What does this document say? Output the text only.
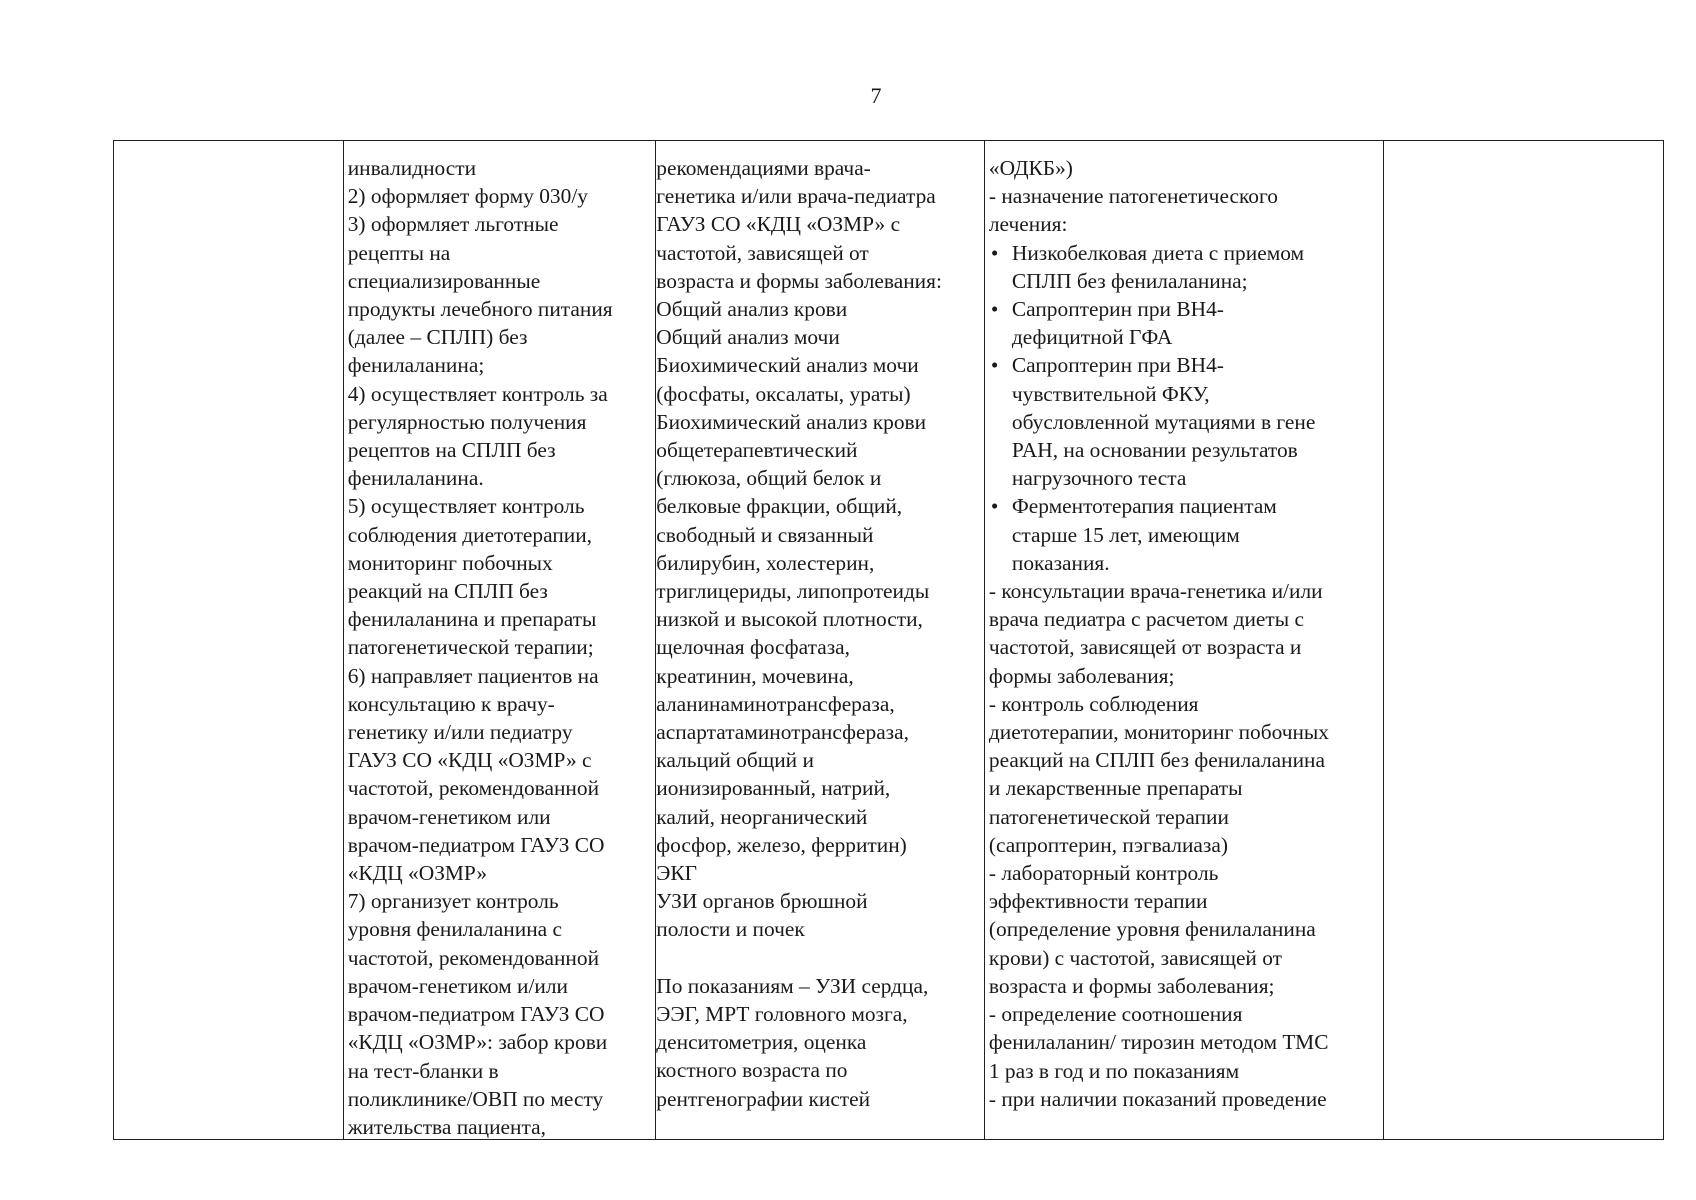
7
инвалидности
2) оформляет форму 030/у
3) оформляет льготные
рецепты на
специализированные
продукты лечебного питания
(далее – СПЛП) без
фенилаланина;
4) осуществляет контроль за
регулярностью получения
рецептов на СПЛП без
фенилаланина.
5) осуществляет контроль
соблюдения диетотерапии,
мониторинг побочных
реакций на СПЛП без
фенилаланина и препараты
патогенетической терапии;
6) направляет пациентов на
консультацию к врачу-
генетику и/или педиатру
ГАУЗ СО «КДЦ «ОЗМР» с
частотой, рекомендованной
врачом-генетиком или
врачом-педиатром ГАУЗ СО
«КДЦ «ОЗМР»
7) организует контроль
уровня фенилаланина с
частотой, рекомендованной
врачом-генетиком и/или
врачом-педиатром ГАУЗ СО
«КДЦ «ОЗМР»: забор крови
на тест-бланки в
поликлинике/ОВП по месту
жительства пациента,
рекомендациями врача-
генетика и/или врача-педиатра
ГАУЗ СО «КДЦ «ОЗМР» с
частотой, зависящей от
возраста и формы заболевания:
Общий анализ крови
Общий анализ мочи
Биохимический анализ мочи
(фосфаты, оксалаты, ураты)
Биохимический анализ крови
общетерапевтический
(глюкоза, общий белок и
белковые фракции, общий,
свободный и связанный
билирубин, холестерин,
триглицериды, липопротеиды
низкой и высокой плотности,
щелочная фосфатаза,
креатинин, мочевина,
аланинаминотрансфераза,
аспартатаминотрансфераза,
кальций общий и
ионизированный, натрий,
калий, неорганический
фосфор, железо, ферритин)
ЭКГ
УЗИ органов брюшной
полости и почек
По показаниям – УЗИ сердца,
ЭЭГ, МРТ головного мозга,
денситометрия, оценка
костного возраста по
рентгенографии кистей
«ОДКБ»)
- назначение патогенетического
лечения:
• Низкобелковая диета с приемом
СПЛП без фенилаланина;
• Сапроптерин при ВН4-
дефицитной ГФА
• Сапроптерин при ВН4-
чувствительной ФКУ,
обусловленной мутациями в гене
PAH, на основании результатов
нагрузочного теста
• Ферментотерапия пациентам
старше 15 лет, имеющим
показания.
- консультации врача-генетика и/или
врача педиатра с расчетом диеты с
частотой, зависящей от возраста и
формы заболевания;
- контроль соблюдения
диетотерапии, мониторинг побочных
реакций на СПЛП без фенилаланина
и лекарственные препараты
патогенетической терапии
(сапроптерин, пэгвалиаза)
- лабораторный контроль
эффективности терапии
(определение уровня фенилаланина
крови) с частотой, зависящей от
возраста и формы заболевания;
- определение соотношения
фенилаланин/ тирозин методом ТМС
1 раз в год и по показаниям
- при наличии показаний проведение
